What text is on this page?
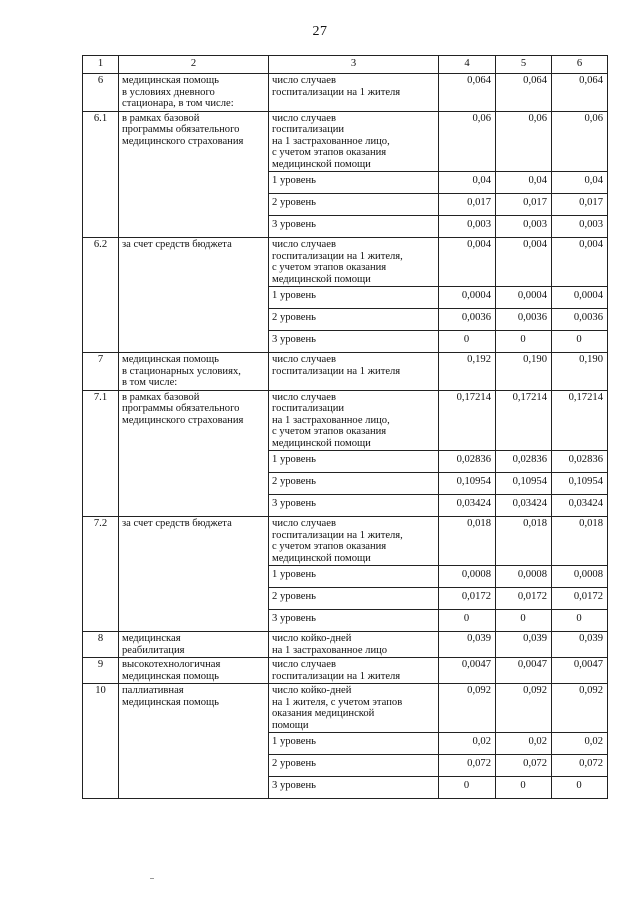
27
1	2	3	4	5	6
6	медицинская помощь
в условиях дневного
стационара, в том числе:	число случаев
госпитализации на 1 жителя	0,064	0,064	0,064
6.1	в рамках базовой
программы обязательного
медицинского страхования	число случаев
госпитализации
на 1 застрахованное лицо,
с учетом этапов оказания
медицинской помощи	0,06	0,06	0,06
		1 уровень	0,04	0,04	0,04
		2 уровень	0,017	0,017	0,017
		3 уровень	0,003	0,003	0,003
6.2	за счет средств бюджета	число случаев
госпитализации на 1 жителя,
с учетом этапов оказания
медицинской помощи	0,004	0,004	0,004
		1 уровень	0,0004	0,0004	0,0004
		2 уровень	0,0036	0,0036	0,0036
		3 уровень	0	0	0
7	медицинская помощь
в стационарных условиях,
в том числе:	число случаев
госпитализации на 1 жителя	0,192	0,190	0,190
7.1	в рамках базовой
программы обязательного
медицинского страхования	число случаев
госпитализации
на 1 застрахованное лицо,
с учетом этапов оказания
медицинской помощи	0,17214	0,17214	0,17214
		1 уровень	0,02836	0,02836	0,02836
		2 уровень	0,10954	0,10954	0,10954
		3 уровень	0,03424	0,03424	0,03424
7.2	за счет средств бюджета	число случаев
госпитализации на 1 жителя,
с учетом этапов оказания
медицинской помощи	0,018	0,018	0,018
		1 уровень	0,0008	0,0008	0,0008
		2 уровень	0,0172	0,0172	0,0172
		3 уровень	0	0	0
8	медицинская
реабилитация	число койко-дней
на 1 застрахованное лицо	0,039	0,039	0,039
9	высокотехнологичная
медицинская помощь	число случаев
госпитализации на 1 жителя	0,0047	0,0047	0,0047
10	паллиативная
медицинская помощь	число койко-дней
на 1 жителя, с учетом этапов
оказания медицинской
помощи	0,092	0,092	0,092
		1 уровень	0,02	0,02	0,02
		2 уровень	0,072	0,072	0,072
		3 уровень	0	0	0
